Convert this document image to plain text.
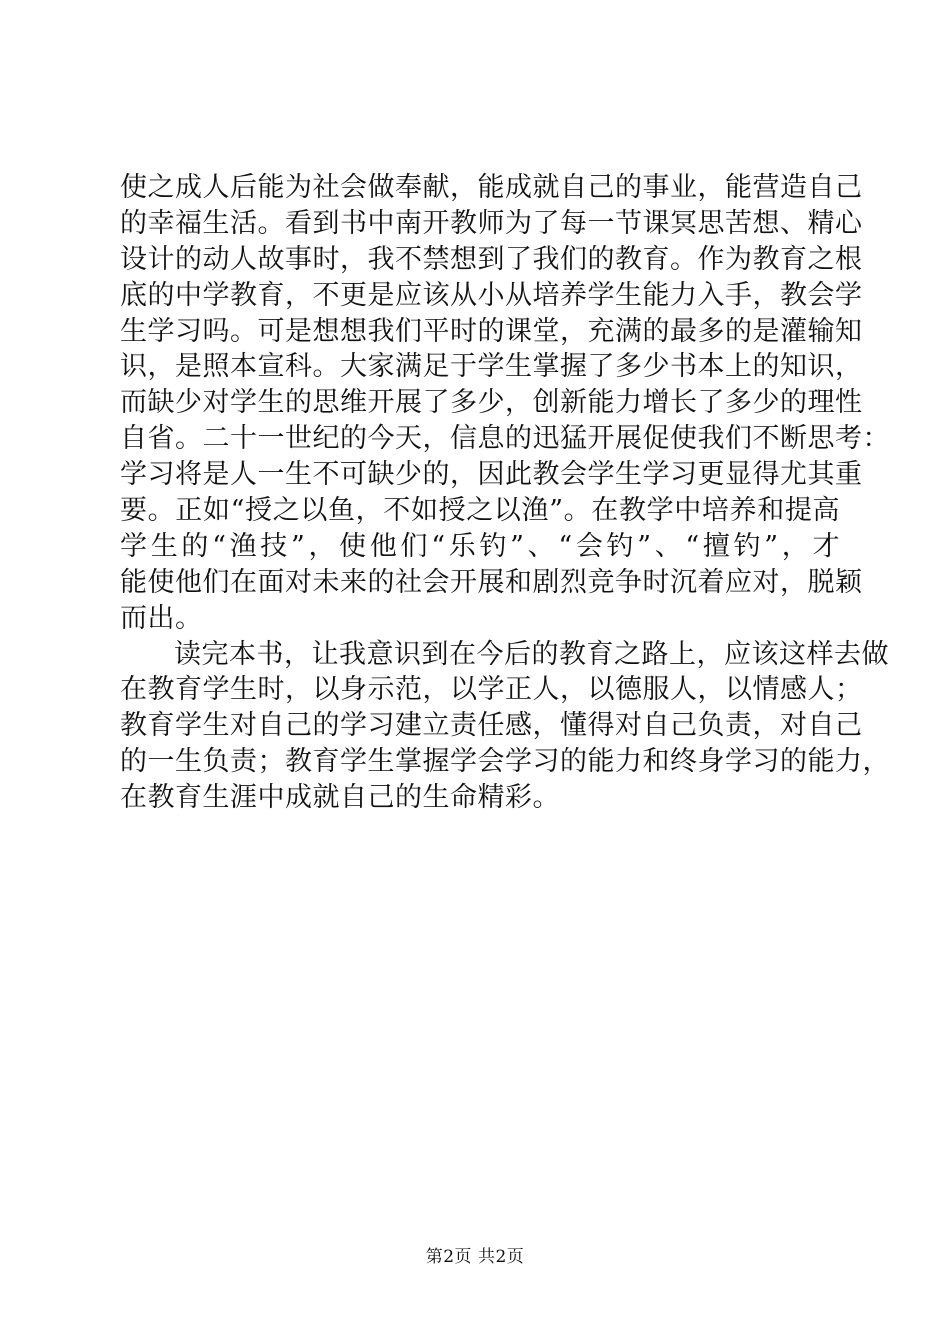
使之成人后能为社会做奉献，能成就自己的事业，能营造自己
的幸福生活。看到书中南开教师为了每一节课冥思苦想、精心
设计的动人故事时，我不禁想到了我们的教育。作为教育之根
底的中学教育，不更是应该从小从培养学生能力入手，教会学
生学习吗。可是想想我们平时的课堂，充满的最多的是灌输知
识，是照本宣科。大家满足于学生掌握了多少书本上的知识，
而缺少对学生的思维开展了多少，创新能力增长了多少的理性
自省。二十一世纪的今天，信息的迅猛开展促使我们不断思考：
学习将是人一生不可缺少的，因此教会学生学习更显得尤其重
要。正如“授之以鱼，不如授之以渔”。在教学中培养和提高
学生的“渔技”，使他们“乐钓”、“会钓”、“擅钓”，才
能使他们在面对未来的社会开展和剧烈竞争时沉着应对，脱颖
而出。
读完本书，让我意识到在今后的教育之路上，应该这样去做
在教育学生时，以身示范，以学正人，以德服人，以情感人；
教育学生对自己的学习建立责任感，懂得对自己负责，对自己
的一生负责；教育学生掌握学会学习的能力和终身学习的能力，
在教育生涯中成就自己的生命精彩。
第2页 共2页
